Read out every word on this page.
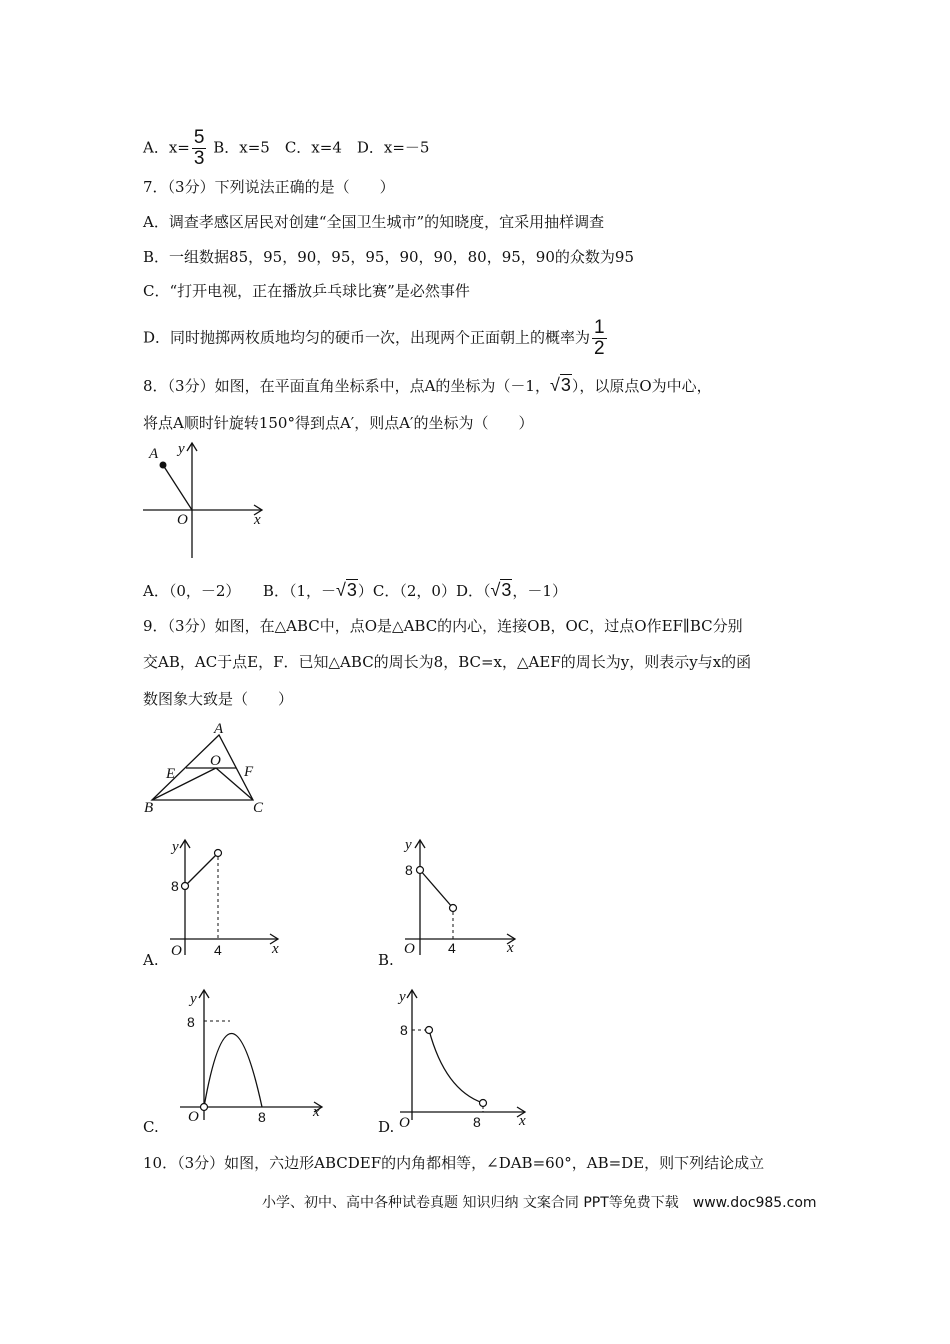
A．$x= \frac{5}{3}$ B．x=5　C．x=4　D．x=－5
7．（3分）下列说法正确的是（　　）
A．调查孝感区居民对创建“全国卫生城市”的知晓度，宜采用抽样调查
B．一组数据85，95，90，95，95，90，90，80，95，90的众数为95
C．“打开电视，正在播放乒乓球比赛”是必然事件
D．同时抛掷两枚质地均匀的硬币一次，出现两个正面朝上的概率为 $\frac{1}{2}$
8．（3分）如图，在平面直角坐标系中，点A的坐标为（－1，√3），以原点O为中心，
将点A顺时针旋转150°得到点A′，则点A′的坐标为（　　）
A y
O	x
A．（0，－2）　　B．（1，－√3）C．（2，0）D．（√3，－1）
9．（3分）如图，在△ABC中，点O是△ABC的内心，连接OB，OC，过点O作EF∥BC分别
交AB，AC于点E，F．已知△ABC的周长为8，BC=x，△AEF的周长为y，则表示y与x的函
数图象大致是（　　）
A
E
O
F
B	C
y
8
O 4	x
A.
y
8
O 4	x
B.
y
8
O	8	x
C.
y
8
O	8	x
D.
10．（3分）如图，六边形ABCDEF的内角都相等，∠DAB=60°，AB=DE，则下列结论成立
小学、初中、高中各种试卷真题 知识归纳 文案合同 PPT等免费下载　www.doc985.com
